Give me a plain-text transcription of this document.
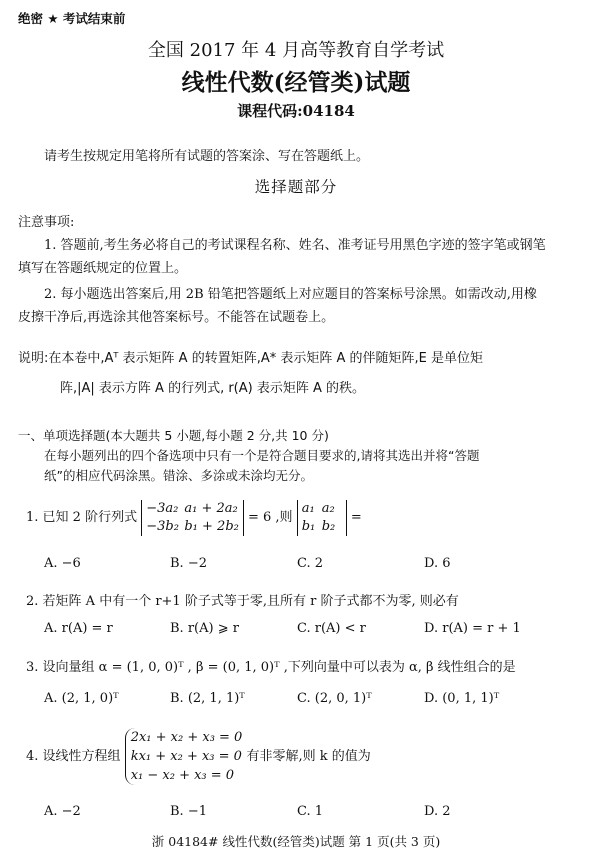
绝密 ★ 考试结束前
全国 2017 年 4 月高等教育自学考试
线性代数(经管类)试题
课程代码:04184
请考生按规定用笔将所有试题的答案涂、写在答题纸上。
选择题部分
注意事项:
1. 答题前,考生务必将自己的考试课程名称、姓名、准考证号用黑色字迹的签字笔或钢笔
填写在答题纸规定的位置上。
2. 每小题选出答案后,用 2B 铅笔把答题纸上对应题目的答案标号涂黑。如需改动,用橡
皮擦干净后,再选涂其他答案标号。不能答在试题卷上。
说明:在本卷中,Aᵀ 表示矩阵 A 的转置矩阵,A* 表示矩阵 A 的伴随矩阵,E 是单位矩
阵,|A| 表示方阵 A 的行列式, r(A) 表示矩阵 A 的秩。
一、单项选择题(本大题共 5 小题,每小题 2 分,共 10 分)
在每小题列出的四个备选项中只有一个是符合题目要求的,请将其选出并将“答题
纸”的相应代码涂黑。错涂、多涂或未涂均无分。
1. 已知 2 阶行列式
−3a₂ a₁ + 2a₂
−3b₂ b₁ + 2b₂
= 6 ,则
a₁ a₂
b₁ b₂
=
A. −6	B. −2	C. 2	D. 6
2. 若矩阵 A 中有一个 r+1 阶子式等于零,且所有 r 阶子式都不为零, 则必有
A. r(A) = r	B. r(A) ⩾ r	C. r(A) < r	D. r(A) = r + 1
3. 设向量组 α = (1, 0, 0)ᵀ , β = (0, 1, 0)ᵀ ,下列向量中可以表为 α, β 线性组合的是
A. (2, 1, 0)ᵀ	B. (2, 1, 1)ᵀ	C. (2, 0, 1)ᵀ	D. (0, 1, 1)ᵀ
4. 设线性方程组
2x₁ + x₂ + x₃ = 0
kx₁ + x₂ + x₃ = 0
x₁ − x₂ + x₃ = 0
有非零解,则 k 的值为
A. −2	B. −1	C. 1	D. 2
浙 04184# 线性代数(经管类)试题 第 1 页(共 3 页)
